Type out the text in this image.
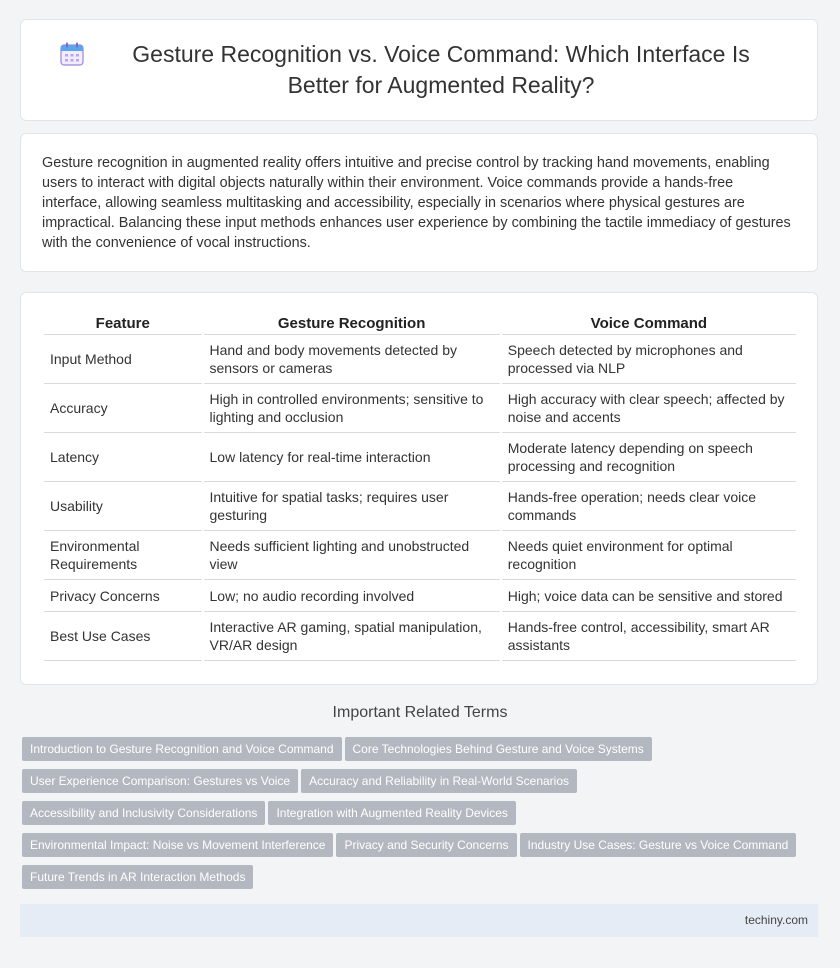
Gesture Recognition vs. Voice Command: Which Interface Is Better for Augmented Reality?

Gesture recognition in augmented reality offers intuitive and precise control by tracking hand movements, enabling users to interact with digital objects naturally within their environment. Voice commands provide a hands-free interface, allowing seamless multitasking and accessibility, especially in scenarios where physical gestures are impractical. Balancing these input methods enhances user experience by combining the tactile immediacy of gestures with the convenience of vocal instructions.

Feature	Gesture Recognition	Voice Command
Input Method	Hand and body movements detected by sensors or cameras	Speech detected by microphones and processed via NLP
Accuracy	High in controlled environments; sensitive to lighting and occlusion	High accuracy with clear speech; affected by noise and accents
Latency	Low latency for real-time interaction	Moderate latency depending on speech processing and recognition
Usability	Intuitive for spatial tasks; requires user gesturing	Hands-free operation; needs clear voice commands
Environmental Requirements	Needs sufficient lighting and unobstructed view	Needs quiet environment for optimal recognition
Privacy Concerns	Low; no audio recording involved	High; voice data can be sensitive and stored
Best Use Cases	Interactive AR gaming, spatial manipulation, VR/AR design	Hands-free control, accessibility, smart AR assistants
Important Related Terms
Introduction to Gesture Recognition and Voice Command Core Technologies Behind Gesture and Voice Systems
User Experience Comparison: Gestures vs Voice Accuracy and Reliability in Real-World Scenarios
Accessibility and Inclusivity Considerations Integration with Augmented Reality Devices
Environmental Impact: Noise vs Movement Interference Privacy and Security Concerns Industry Use Cases: Gesture vs Voice Command
Future Trends in AR Interaction Methods
techiny.com
